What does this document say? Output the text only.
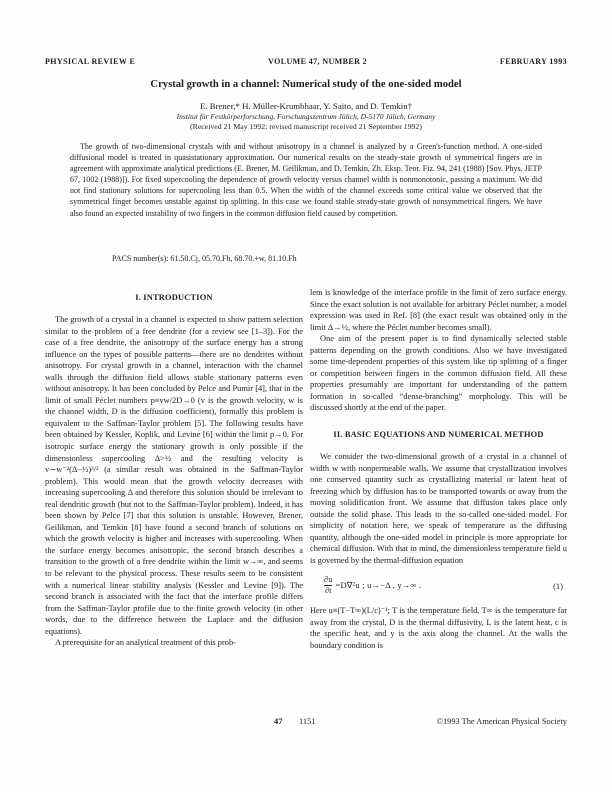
PHYSICAL REVIEW E	VOLUME 47, NUMBER 2	FEBRUARY 1993
Crystal growth in a channel: Numerical study of the one-sided model
E. Brener,* H. Müller-Krumbhaar, Y. Saito, and D. Temkin†
Institut für Festkörperforschung, Forschungszentrum Jülich, D-5170 Jülich, Germany
(Received 21 May 1992; revised manuscript received 21 September 1992)

The growth of two-dimensional crystals with and without anisotropy in a channel is analyzed by a Green's-function method. A one-sided diffusional model is treated in quasistationary approximation. Our numerical results on the steady-state growth of symmetrical fingers are in agreement with approximate analytical predictions (E. Brener, M. Geilikman, and D. Temkin, Zh. Eksp. Teor. Fiz. 94, 241 (1988) [Sov. Phys. JETP 67, 1002 (1988)]). For fixed supercooling the dependence of growth velocity versus channel width is nonmonotonic, passing a maximum. We did not find stationary solutions for supercooling less than 0.5. When the width of the channel exceeds some critical value we observed that the symmetrical finger becomes unstable against tip splitting. In this case we found stable steady-state growth of nonsymmetrical fingers. We have also found an expected instability of two fingers in the common diffusion field caused by competition.

PACS number(s): 61.50.Cj, 05.70.Fh, 68.70.+w, 81.10.Fh
I. INTRODUCTION

The growth of a crystal in a channel is expected to show pattern selection similar to the problem of a free dendrite (for a review see [1–3]). For the case of a free dendrite, the anisotropy of the surface energy has a strong influence on the types of possible patterns—there are no dendrites without anisotropy. For crystal growth in a channel, interaction with the channel walls through the diffusion field allows stable stationary patterns even without anisotropy. It has been concluded by Pelce and Pumir [4], that in the limit of small Péclet numbers p≡vw/2D→0 (v is the growth velocity, w is the channel width, D is the diffusion coefficient), formally this problem is equivalent to the Saffman-Taylor problem [5]. The following results have been obtained by Kessler, Koplik, and Levine [6] within the limit p→0. For isotropic surface energy the stationary growth is only possible if the dimensionless supercooling Δ>½ and the resulting velocity is v∼w⁻²(Δ−½)³/² (a similar result was obtained in the Saffman-Taylor problem). This would mean that the growth velocity decreases with increasing supercooling Δ and therefore this solution should be irrelevant to real dendritic growth (but not to the Saffman-Taylor problem). Indeed, it has been shown by Pelce [7] that this solution is unstable. However, Brener, Geilikman, and Temkin [8] have found a second branch of solutions on which the growth velocity is higher and increases with supercooling. When the surface energy becomes anisotropic, the second branch describes a transition to the growth of a free dendrite within the limit w→∞, and seems to be relevant to the physical process. These results seem to be consistent with a numerical linear stability analysis (Kessler and Levine [9]). The second branch is associated with the fact that the interface profile differs from the Saffman-Taylor profile due to the finite growth velocity (in other words, due to the difference between the Laplace and the diffusion equations).

A prerequisite for an analytical treatment of this prob-

lem is knowledge of the interface profile in the limit of zero surface energy. Since the exact solution is not available for arbitrary Péclet number, a model expression was used in Ref. [8] (the exact result was obtained only in the limit Δ→½, where the Péclet number becomes small).

One aim of the present paper is to find dynamically selected stable patterns depending on the growth conditions. Also we have investigated some time-dependent properties of this system like tip splitting of a finger or competition between fingers in the common diffusion field. All these properties presumably are important for understanding of the pattern formation in so-called “dense-branching” morphology. This will be discussed shortly at the end of the paper.

II. BASIC EQUATIONS AND NUMERICAL METHOD

We consider the two-dimensional growth of a crystal in a channel of width w with nonpermeable walls. We assume that crystallization involves one conserved quantity such as crystallizing material or latent heat of freezing which by diffusion has to be transported towards or away from the moving solidification front. We assume that diffusion takes place only outside the solid phase. This leads to the so-called one-sided model. For simplicity of notation here, we speak of temperature as the diffusing quantity, although the one-sided model in principle is more appropriate for chemical diffusion. With that in mind, the dimensionless temperature field u is governed by the thermal-diffusion equation

$\frac{\partial u}{\partial t} =D\nabla^2u$ ; u→−Δ , y→∞ .	(1)

Here u≡(T−T∞)(L/c)⁻¹; T is the temperature field, T∞ is the temperature far away from the crystal, D is the thermal diffusivity, L is the latent heat, c is the specific heat, and y is the axis along the channel. At the walls the boundary condition is

47 1151	©1993 The American Physical Society
